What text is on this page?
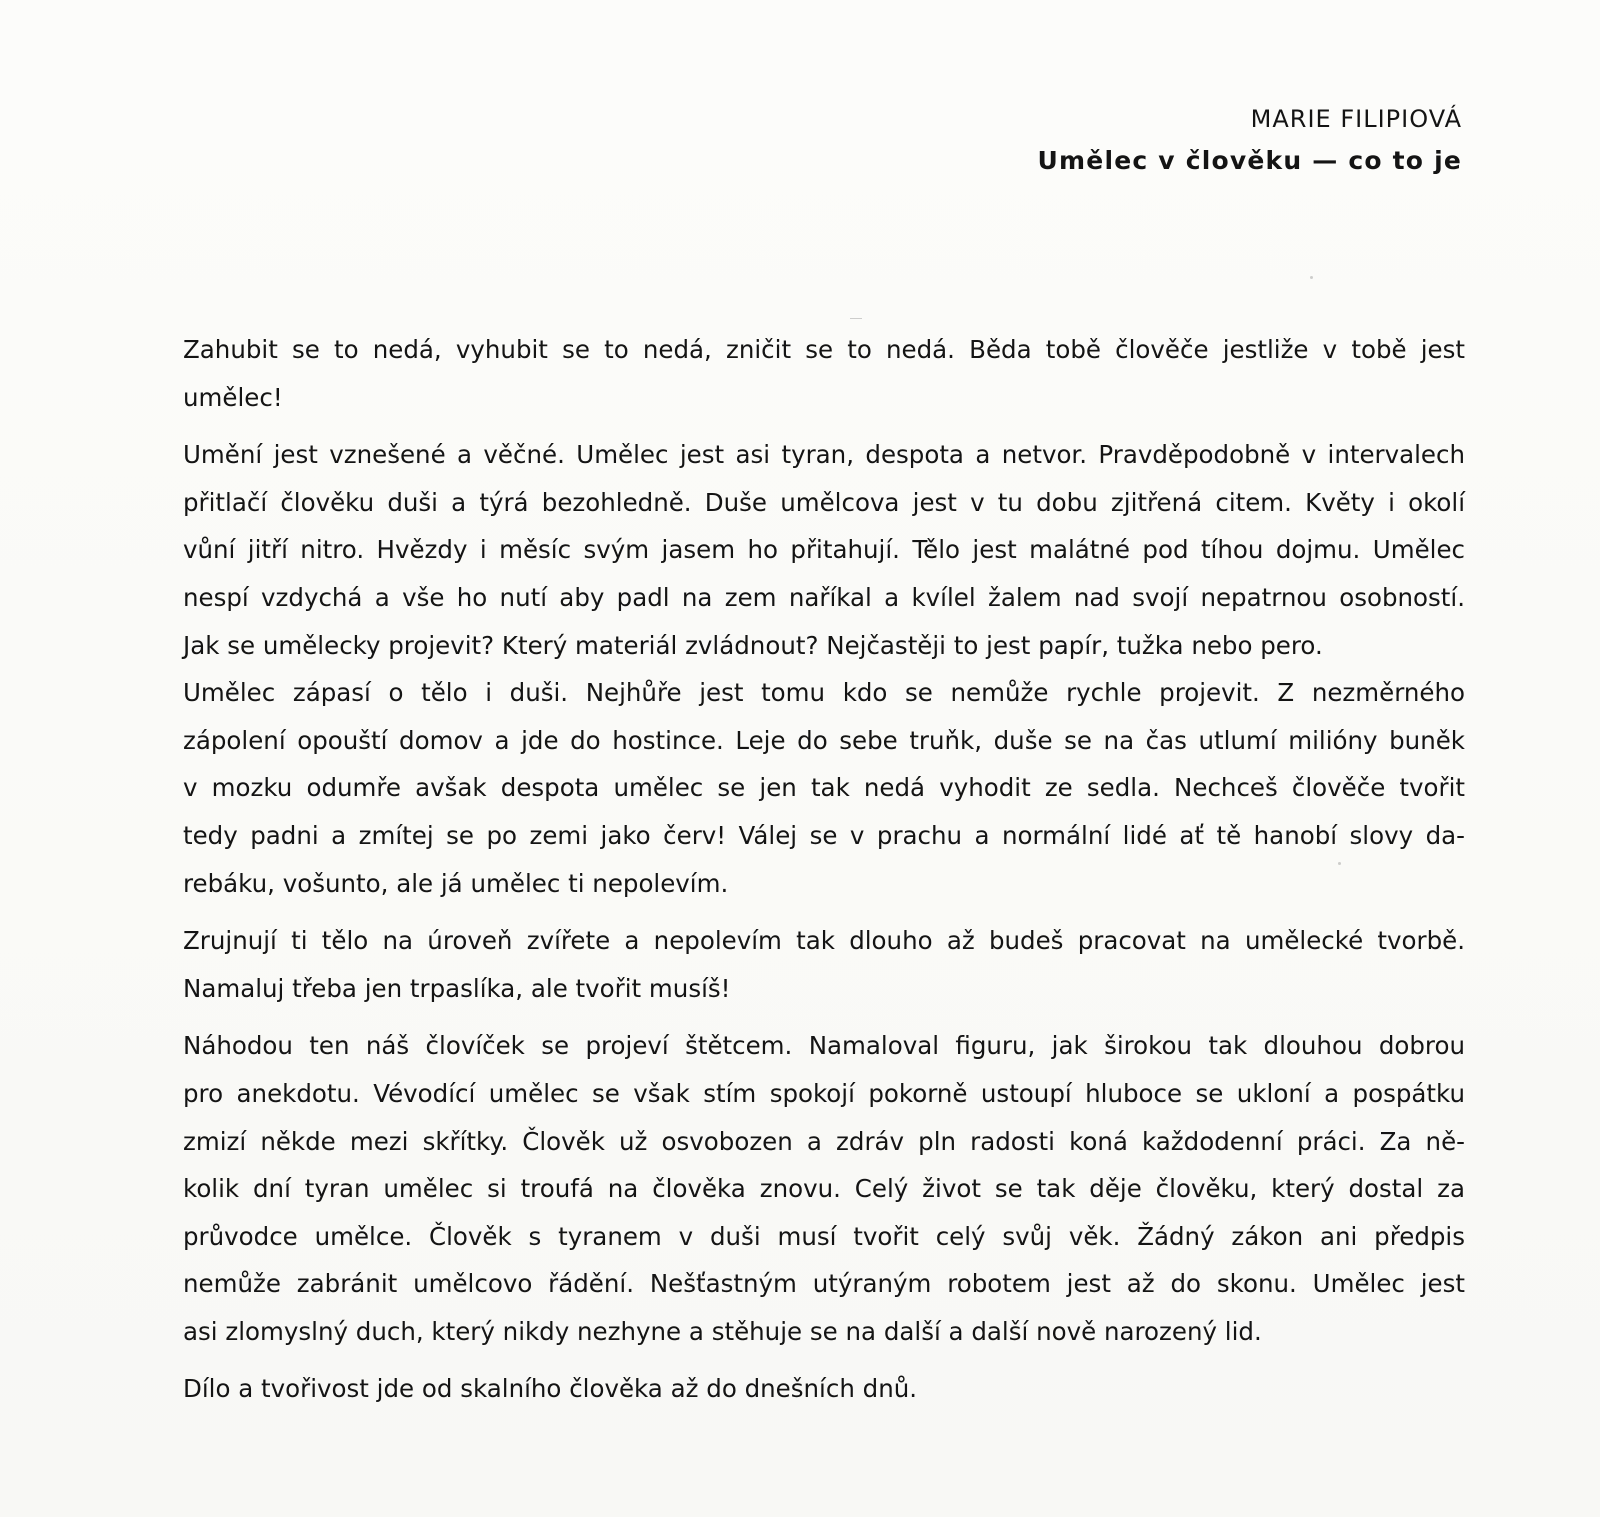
MARIE FILIPIOVÁ
Umělec v člověku — co to je
Zahubit se to nedá, vyhubit se to nedá, zničit se to nedá. Běda tobě člověče jestliže v tobě jest
umělec!
Umění jest vznešené a věčné. Umělec jest asi tyran, despota a netvor. Pravděpodobně v intervalech
přitlačí člověku duši a týrá bezohledně. Duše umělcova jest v tu dobu zjitřená citem. Květy i okolí
vůní jitří nitro. Hvězdy i měsíc svým jasem ho přitahují. Tělo jest malátné pod tíhou dojmu. Umělec
nespí vzdychá a vše ho nutí aby padl na zem naříkal a kvílel žalem nad svojí nepatrnou osobností.
Jak se umělecky projevit? Který materiál zvládnout? Nejčastěji to jest papír, tužka nebo pero.
Umělec zápasí o tělo i duši. Nejhůře jest tomu kdo se nemůže rychle projevit. Z nezměrného
zápolení opouští domov a jde do hostince. Leje do sebe truňk, duše se na čas utlumí milióny buněk
v mozku odumře avšak despota umělec se jen tak nedá vyhodit ze sedla. Nechceš člověče tvořit
tedy padni a zmítej se po zemi jako červ! Válej se v prachu a normální lidé ať tě hanobí slovy da-
rebáku, vošunto, ale já umělec ti nepolevím.
Zrujnují ti tělo na úroveň zvířete a nepolevím tak dlouho až budeš pracovat na umělecké tvorbě.
Namaluj třeba jen trpaslíka, ale tvořit musíš!
Náhodou ten náš človíček se projeví štětcem. Namaloval figuru, jak širokou tak dlouhou dobrou
pro anekdotu. Vévodící umělec se však stím spokojí pokorně ustoupí hluboce se ukloní a pospátku
zmizí někde mezi skřítky. Člověk už osvobozen a zdráv pln radosti koná každodenní práci. Za ně-
kolik dní tyran umělec si troufá na člověka znovu. Celý život se tak děje člověku, který dostal za
průvodce umělce. Člověk s tyranem v duši musí tvořit celý svůj věk. Žádný zákon ani předpis
nemůže zabránit umělcovo řádění. Nešťastným utýraným robotem jest až do skonu. Umělec jest
asi zlomyslný duch, který nikdy nezhyne a stěhuje se na další a další nově narozený lid.
Dílo a tvořivost jde od skalního člověka až do dnešních dnů.
